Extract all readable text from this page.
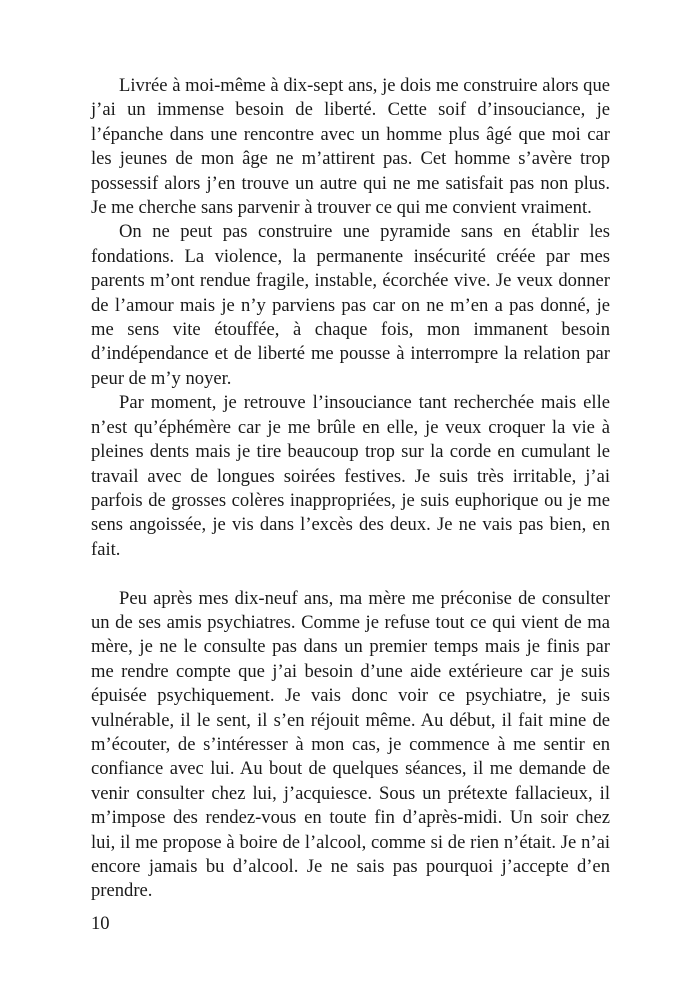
Livrée à moi-même à dix-sept ans, je dois me construire alors que j’ai un immense besoin de liberté. Cette soif d’insouciance, je l’épanche dans une rencontre avec un homme plus âgé que moi car les jeunes de mon âge ne m’attirent pas. Cet homme s’avère trop possessif alors j’en trouve un autre qui ne me satisfait pas non plus. Je me cherche sans parvenir à trouver ce qui me convient vraiment.

On ne peut pas construire une pyramide sans en établir les fondations. La violence, la permanente insécurité créée par mes parents m’ont rendue fragile, instable, écorchée vive. Je veux donner de l’amour mais je n’y parviens pas car on ne m’en a pas donné, je me sens vite étouffée, à chaque fois, mon immanent besoin d’indépendance et de liberté me pousse à interrompre la relation par peur de m’y noyer.

Par moment, je retrouve l’insouciance tant recherchée mais elle n’est qu’éphémère car je me brûle en elle, je veux croquer la vie à pleines dents mais je tire beaucoup trop sur la corde en cumulant le travail avec de longues soirées festives. Je suis très irritable, j’ai parfois de grosses colères inappropriées, je suis euphorique ou je me sens angoissée, je vis dans l’excès des deux. Je ne vais pas bien, en fait.

Peu après mes dix-neuf ans, ma mère me préconise de consulter un de ses amis psychiatres. Comme je refuse tout ce qui vient de ma mère, je ne le consulte pas dans un premier temps mais je finis par me rendre compte que j’ai besoin d’une aide extérieure car je suis épuisée psychiquement. Je vais donc voir ce psychiatre, je suis vulnérable, il le sent, il s’en réjouit même. Au début, il fait mine de m’écouter, de s’intéresser à mon cas, je commence à me sentir en confiance avec lui. Au bout de quelques séances, il me demande de venir consulter chez lui, j’acquiesce. Sous un prétexte fallacieux, il m’impose des rendez-vous en toute fin d’après-midi. Un soir chez lui, il me propose à boire de l’alcool, comme si de rien n’était. Je n’ai encore jamais bu d’alcool. Je ne sais pas pourquoi j’accepte d’en prendre.

10
